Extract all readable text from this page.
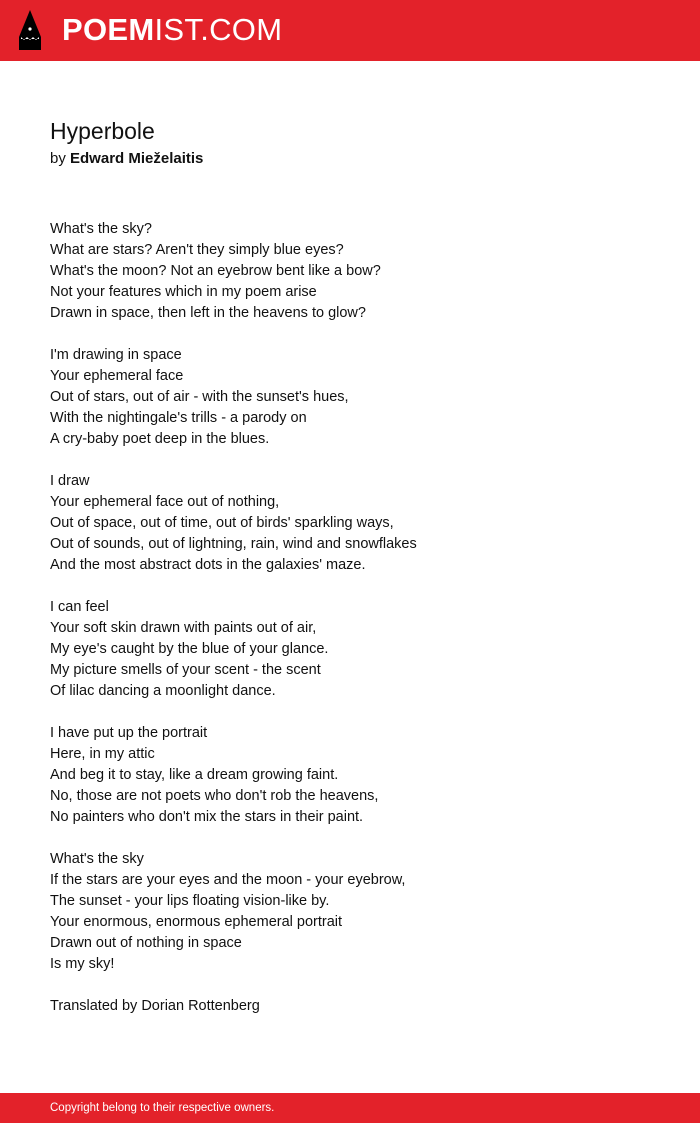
POEMIST.COM
Hyperbole
by Edward Mieželaitis
What's the sky?
What are stars? Aren't they simply blue eyes?
What's the moon? Not an eyebrow bent like a bow?
Not your features which in my poem arise
Drawn in space, then left in the heavens to glow?
I'm drawing in space
Your ephemeral face
Out of stars, out of air - with the sunset's hues,
With the nightingale's trills - a parody on
A cry-baby poet deep in the blues.
I draw
Your ephemeral face out of nothing,
Out of space, out of time, out of birds' sparkling ways,
Out of sounds, out of lightning, rain, wind and snowflakes
And the most abstract dots in the galaxies' maze.
I can feel
Your soft skin drawn with paints out of air,
My eye's caught by the blue of your glance.
My picture smells of your scent - the scent
Of lilac dancing a moonlight dance.
I have put up the portrait
Here, in my attic
And beg it to stay, like a dream growing faint.
No, those are not poets who don't rob the heavens,
No painters who don't mix the stars in their paint.
What's the sky
If the stars are your eyes and the moon - your eyebrow,
The sunset - your lips floating vision-like by.
Your enormous, enormous ephemeral portrait
Drawn out of nothing in space
Is my sky!
Translated by Dorian Rottenberg
Copyright belong to their respective owners.
